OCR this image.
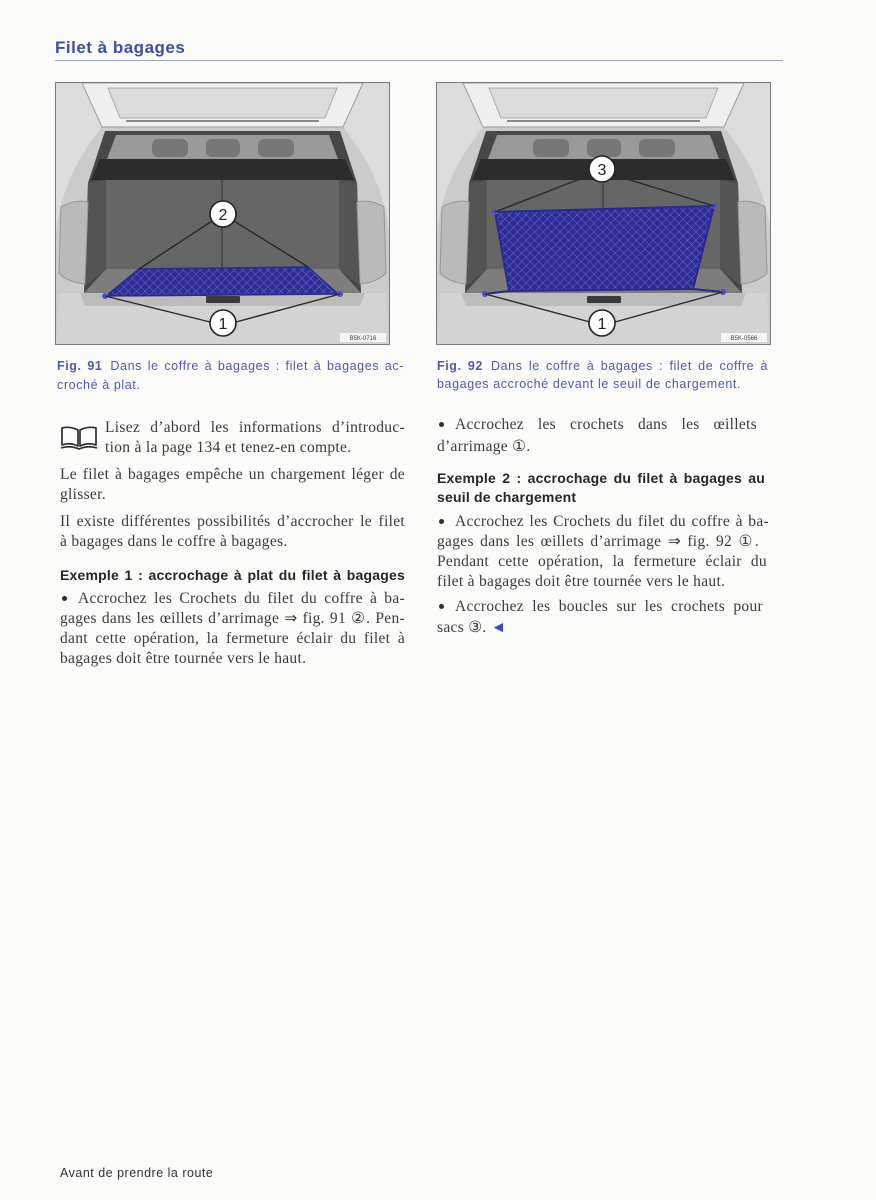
Filet à bagages
2
1
B5K-0716
3
1
B5K-0566
Fig. 91 Dans le coffre à bagages : filet à bagages ac-
croché à plat.
Fig. 92 Dans le coffre à bagages : filet de coffre à
bagages accroché devant le seuil de chargement.
Lisez d’abord les informations d’introduc-
tion à la page 134 et tenez-en compte.
Le filet à bagages empêche un chargement léger de
glisser.
Il existe différentes possibilités d’accrocher le filet
à bagages dans le coffre à bagages.
Exemple 1 : accrochage à plat du filet à bagages
Accrochez les Crochets du filet du coffre à ba-
gages dans les œillets d’arrimage ⇒ fig. 91 ②. Pen-
dant cette opération, la fermeture éclair du filet à
bagages doit être tournée vers le haut.
Accrochez les crochets dans les œillets
d’arrimage ①.
Exemple 2 : accrochage du filet à bagages au
seuil de chargement
Accrochez les Crochets du filet du coffre à ba-
gages dans les œillets d’arrimage ⇒ fig. 92 ①.
Pendant cette opération, la fermeture éclair du
filet à bagages doit être tournée vers le haut.
Accrochez les boucles sur les crochets pour
sacs ③. ◄
Avant de prendre la route
